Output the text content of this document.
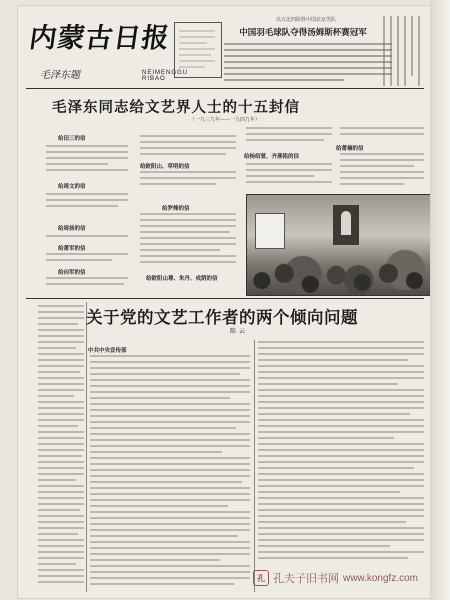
内蒙古日报
毛泽东题	NEIMENGGU RIBAO
以五比四险胜中国北京男队
中国羽毛球队夺得汤姆斯杯赛冠军
毛泽东同志给文艺界人士的十五封信
（一九三九年——一九四九年）
给田三的信
给周文的信
给周扬的信
给萧军的信
给向军的信
给欧阳山、草明的信
给罗烽的信
给杨绍萱、齐燕铭的信
给萧楠的信
给欧阳山尊、朱丹、成荫的信
关于党的文艺工作者的两个倾向问题
陈云
中共中央宣传部
孔 孔夫子旧书网 www.kongfz.com
